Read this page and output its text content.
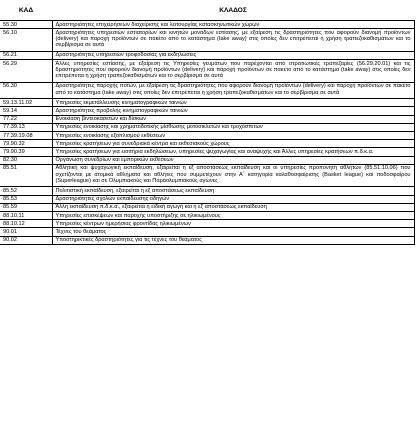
ΚΑΔ	ΚΛΑΔΟΣ
55.30	Δραστηριότητες επιχειρήσεων διαχείρισης και λειτουργίας κατασκηνωτικών χώρων
56.10	Δραστηριότητες υπηρεσιών εστιατορίων και κινητών μονάδων εστίασης, με εξαίρεση τις δραστηριότητες που αφορούν διανομή προϊόντων (delivery) και παροχή προϊόντων σε πακέτο από το κατάστημα (take away) στις οποίες δεν επιτρέπεται η χρήση τραπεζοκαθισμάτων και το σερβίρισμα σε αυτά
56.21	Δραστηριότητες υπηρεσιών τροφοδοσίας για εκδηλώσεις
56.29	Άλλες υπηρεσίες εστίασης, με εξαίρεση τις Υπηρεσίες γευμάτων που παρέχονται από στρατιωτικές τραπεζαρίες (56.29.20.01) και τις δραστηριότητες που αφορούν διανομή προϊόντων (delivery) και παροχή προϊόντων σε πακέτο από το κατάστημα (take away) στις οποίες δεν επιτρέπεται η χρήση τραπεζοκαθισμάτων και το σερβίρισμα σε αυτά
56.30	Δραστηριότητες παροχής ποτών, με εξαίρεση τις δραστηριότητες που αφορούν διανομή προϊόντων (delivery) και παροχή προϊόντων σε πακέτο από το κατάστημα (take away) στις οποίες δεν επιτρέπεται η χρήση τραπεζοκαθισμάτων και το σερβίρισμα σε αυτά
59.13.11.02	Υπηρεσίες εκμετάλλευσης κινηματογραφικών ταινιών
59.14	Δραστηριότητες προβολής κινηματογραφικών ταινιών
77.22	Ενοικίαση βιντεοκασετών και δίσκων
77.39.13	Υπηρεσίες ενοικίασης και χρηματοδοτικής μίσθωσης μοτοσικλετών και τροχόσπιτων
77.39.19.08	Υπηρεσίες ενοικίασης εξοπλισμού εκθέσεων
79.90.32	Υπηρεσίες κρατήσεων για συνεδριακά κέντρα και εκθεσιακούς χώρους
79.90.39	Υπηρεσίες κρατήσεων για εισιτήρια εκδηλώσεων, υπηρεσίες ψυχαγωγίας και αναψυχής και Άλλες υπηρεσίες κρατήσεων π.δ.κ.α.
82.30	Οργάνωση συνεδρίων και εμπορικών εκθέσεων
85.51	Αθλητική και ψυχαγωγική εκπαίδευση, εξαιρείται η εξ αποστάσεως εκπαίδευση και οι υπηρεσίες προπονητή αθλητών (85.51.10.06) που σχετίζονται με ατομικά αθλήματα και αθλήτες που συμμετέχουν στην Α΄ κατηγορία καλαθοσφαίρισης (Basket league) και ποδοσφαίρου (Superleague) και σε Ολυμπιακούς και Παραολυμπιακούς αγώνες
85.52	Πολιτιστική εκπαίδευση, εξαιρείται η εξ αποστάσεως εκπαίδευση
85.53	Δραστηριότητες σχολών εκπαίδευσης οδηγών
85.59	Άλλη εκπαίδευση π.δ.κ.α., εξαιρείται η ειδική αγωγή και η εξ αποστάσεως εκπαίδευση
88.10.11	Υπηρεσίες επισκέψεων και παροχής υποστήριξης σε ηλικιωμένους
88.10.12	Υπηρεσίες κέντρων ημερήσιας φροντίδας ηλικιωμένων
90.01	Τέχνες του θεάματος
90.02	Υποστηρικτικές δραστηριότητες για τις τέχνες του θεάματος
